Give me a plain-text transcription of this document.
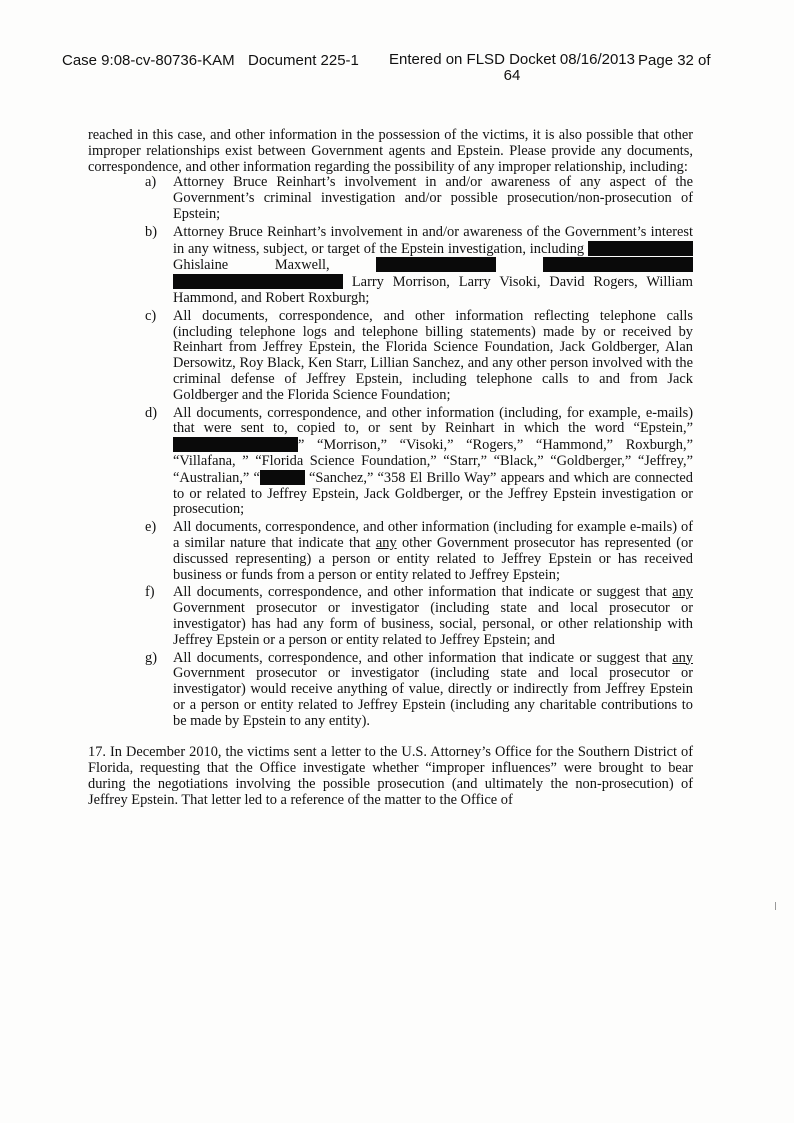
Case 9:08-cv-80736-KAM Document 225-1	Entered on FLSD Docket 08/16/2013 Page 32 of
64

reached in this case, and other information in the possession of the victims, it is also possible that other improper relationships exist between Government agents and Epstein. Please provide any documents, correspondence, and other information regarding the possibility of any improper relationship, including:

a) Attorney Bruce Reinhart’s involvement in and/or awareness of any aspect of the Government’s criminal investigation and/or possible prosecution/non-prosecution of Epstein;
b) Attorney Bruce Reinhart’s involvement in and/or awareness of the Government’s interest in any witness, subject, or target of the Epstein investigation, including  Ghislaine Maxwell,    Larry Morrison, Larry Visoki, David Rogers, William Hammond, and Robert Roxburgh;
c) All documents, correspondence, and other information reflecting telephone calls (including telephone logs and telephone billing statements) made by or received by Reinhart from Jeffrey Epstein, the Florida Science Foundation, Jack Goldberger, Alan Dersowitz, Roy Black, Ken Starr, Lillian Sanchez, and any other person involved with the criminal defense of Jeffrey Epstein, including telephone calls to and from Jack Goldberger and the Florida Science Foundation;
d) All documents, correspondence, and other information (including, for example, e-mails) that were sent to, copied to, or sent by Reinhart in which the word “Epstein,” ” “Morrison,” “Visoki,” “Rogers,” “Hammond,” Roxburgh,” “Villafana, ” “Florida Science Foundation,” “Starr,” “Black,” “Goldberger,” “Jeffrey,” “Australian,” “	“Sanchez,” “358 El Brillo Way” appears and which are connected to or related to Jeffrey Epstein, Jack Goldberger, or the Jeffrey Epstein investigation or prosecution;
e) All documents, correspondence, and other information (including for example e-mails) of a similar nature that indicate that any other Government prosecutor has represented (or discussed representing) a person or entity related to Jeffrey Epstein or has received business or funds from a person or entity related to Jeffrey Epstein;
f) All documents, correspondence, and other information that indicate or suggest that any Government prosecutor or investigator (including state and local prosecutor or investigator) has had any form of business, social, personal, or other relationship with Jeffrey Epstein or a person or entity related to Jeffrey Epstein; and
g) All documents, correspondence, and other information that indicate or suggest that any Government prosecutor or investigator (including state and local prosecutor or investigator) would receive anything of value, directly or indirectly from Jeffrey Epstein or a person or entity related to Jeffrey Epstein (including any charitable contributions to be made by Epstein to any entity).

17. In December 2010, the victims sent a letter to the U.S. Attorney’s Office for the Southern District of Florida, requesting that the Office investigate whether “improper influences” were brought to bear during the negotiations involving the possible prosecution (and ultimately the non-prosecution) of Jeffrey Epstein. That letter led to a reference of the matter to the Office of
